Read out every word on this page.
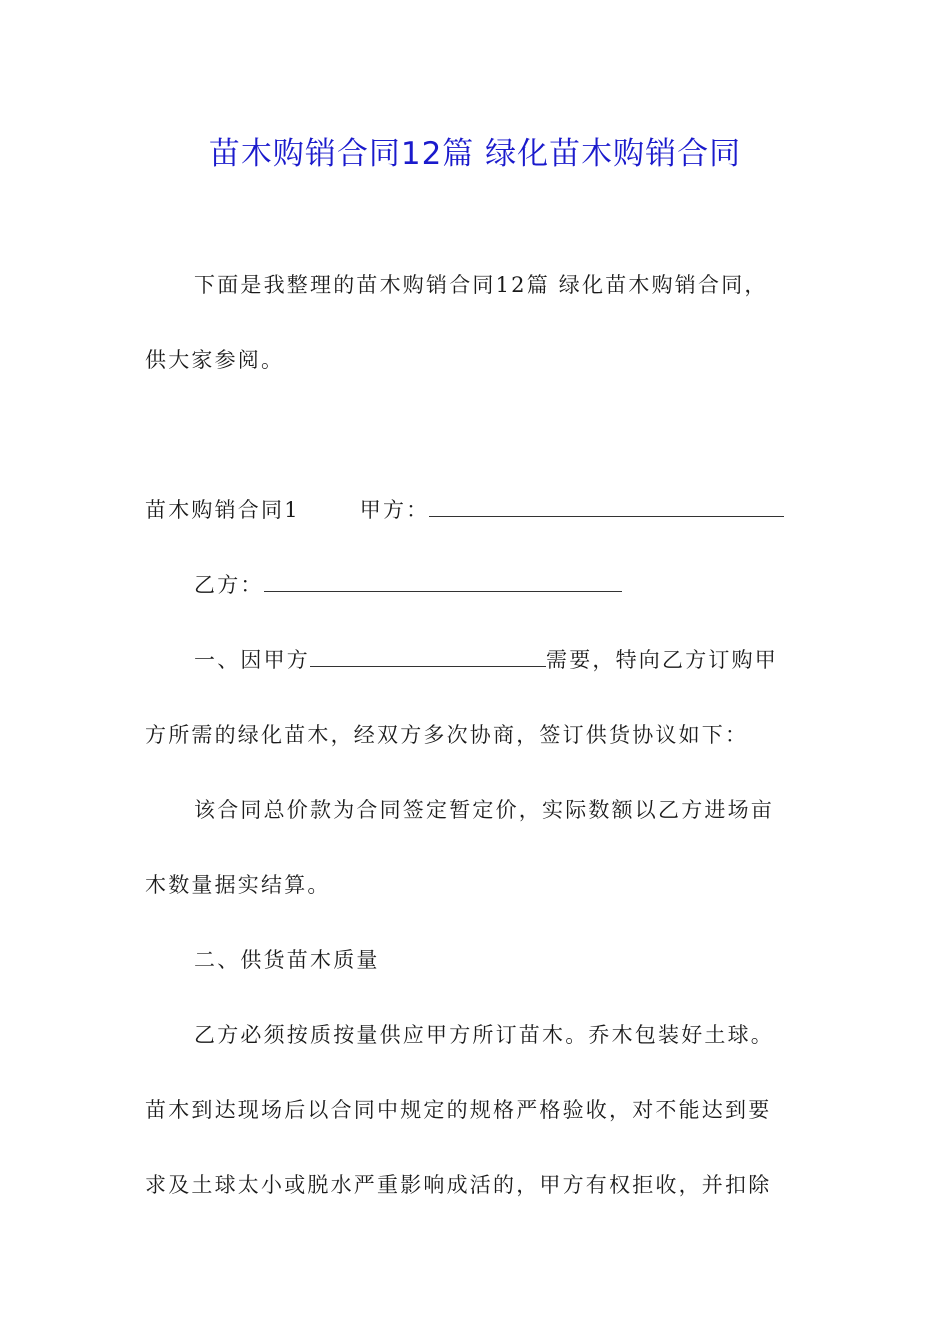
苗木购销合同12篇 绿化苗木购销合同
下面是我整理的苗木购销合同12篇 绿化苗木购销合同，
供大家参阅。
苗木购销合同1	甲方：
乙方：
一、因甲方	需要，特向乙方订购甲
方所需的绿化苗木，经双方多次协商，签订供货协议如下：
该合同总价款为合同签定暂定价，实际数额以乙方进场亩
木数量据实结算。
二、供货苗木质量
乙方必须按质按量供应甲方所订苗木。乔木包装好土球。
苗木到达现场后以合同中规定的规格严格验收，对不能达到要
求及土球太小或脱水严重影响成活的，甲方有权拒收，并扣除
